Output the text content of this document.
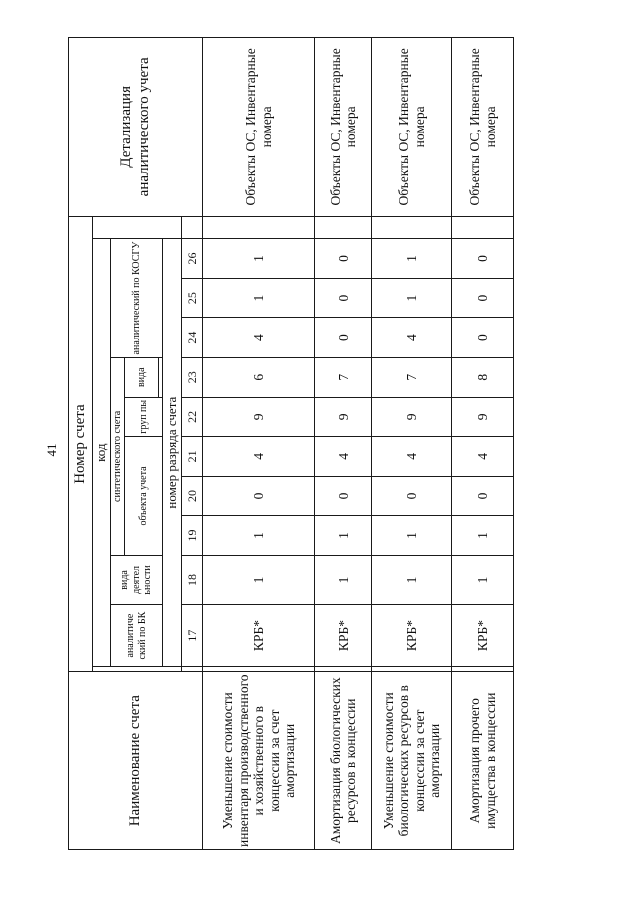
41
Наименование счета	Номер счета												Детализация аналитического учета
		код											
		аналитиче ский по БК	вида деятел ьности	синтетического счета					аналитический по КОСГУ				
				объекта учета			груп пы	вида					

		номер разряда счета											
		17	18	19	20	21	22	23	24	25	26		
Уменьшение стоимости инвентаря производственного и хозяйственного в концессии за счет амортизации		КРБ*	1	1	0	4	9	6	4	1	1		Объекты ОС, Инвентарные номера
Амортизация биологических ресурсов в концессии		КРБ*	1	1	0	4	9	7	0	0	0		Объекты ОС, Инвентарные номера
Уменьшение стоимости биологических ресурсов в концессии за счет амортизации		КРБ*	1	1	0	4	9	7	4	1	1		Объекты ОС, Инвентарные номера
Амортизация прочего имущества в концессии		КРБ*	1	1	0	4	9	8	0	0	0		Объекты ОС, Инвентарные номера
